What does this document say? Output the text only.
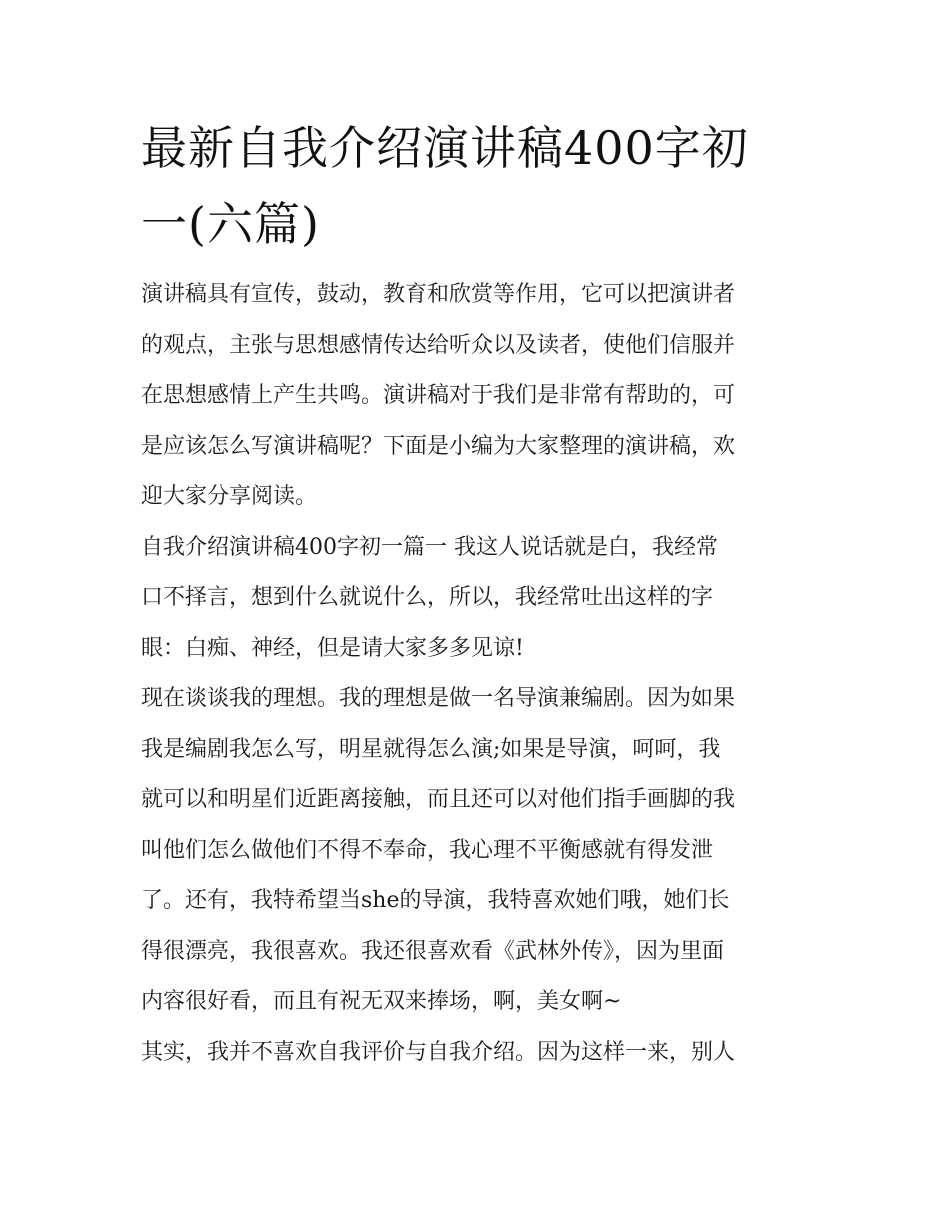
最新自我介绍演讲稿400字初
一(六篇)

演讲稿具有宣传，鼓动，教育和欣赏等作用，它可以把演讲者
的观点，主张与思想感情传达给听众以及读者，使他们信服并
在思想感情上产生共鸣。演讲稿对于我们是非常有帮助的，可
是应该怎么写演讲稿呢？下面是小编为大家整理的演讲稿，欢
迎大家分享阅读。

自我介绍演讲稿400字初一篇一 我这人说话就是白，我经常
口不择言，想到什么就说什么，所以，我经常吐出这样的字
眼：白痴、神经，但是请大家多多见谅!

现在谈谈我的理想。我的理想是做一名导演兼编剧。因为如果
我是编剧我怎么写，明星就得怎么演;如果是导演，呵呵，我
就可以和明星们近距离接触，而且还可以对他们指手画脚的我
叫他们怎么做他们不得不奉命，我心理不平衡感就有得发泄
了。还有，我特希望当she的导演，我特喜欢她们哦，她们长
得很漂亮，我很喜欢。我还很喜欢看《武林外传》，因为里面
内容很好看，而且有祝无双来捧场，啊，美女啊~

其实，我并不喜欢自我评价与自我介绍。因为这样一来，别人
